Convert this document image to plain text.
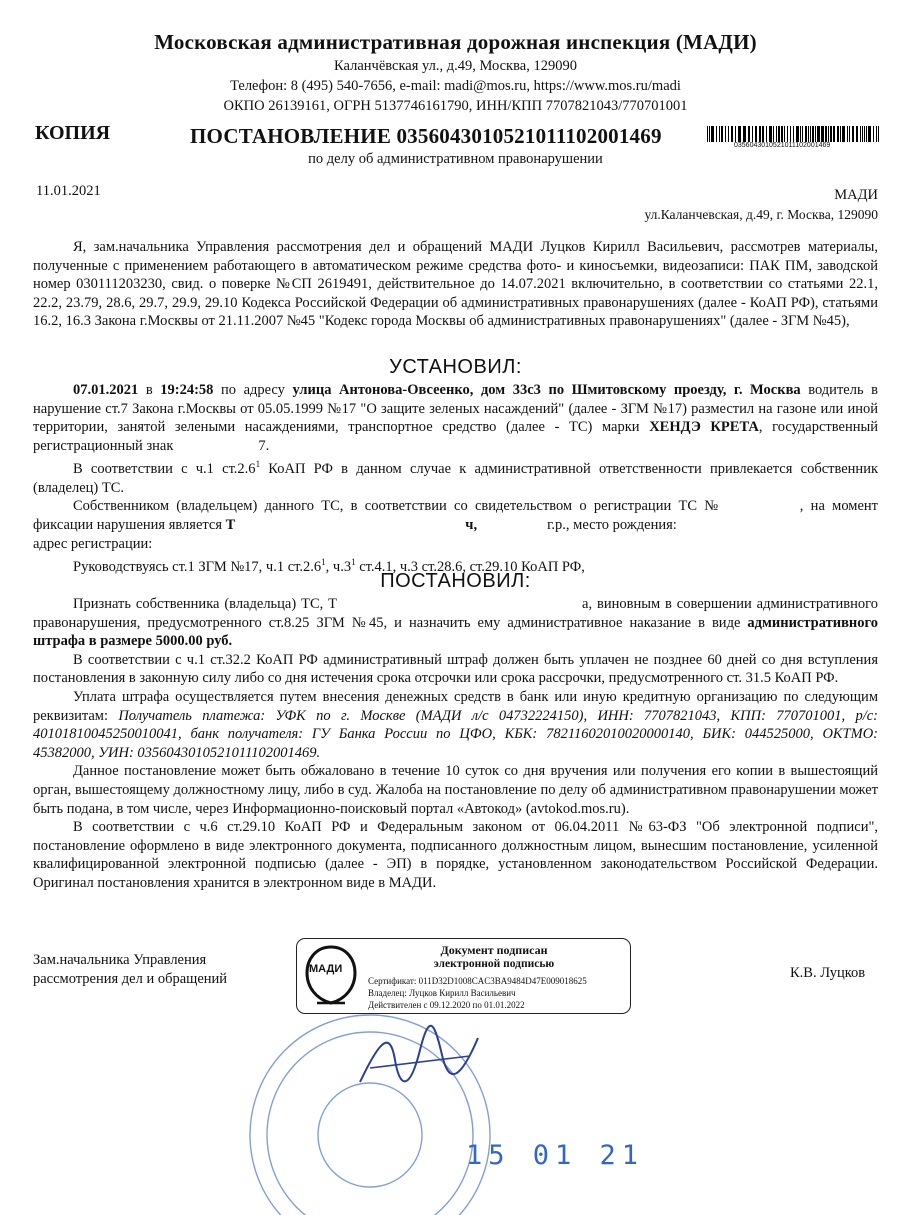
Московская административная дорожная инспекция (МАДИ)
Каланчёвская ул., д.49, Москва, 129090
Телефон: 8 (495) 540-7656, e-mail: madi@mos.ru, https://www.mos.ru/madi
ОКПО 26139161, ОГРН 5137746161790, ИНН/КПП 7707821043/770701001
КОПИЯ	ПОСТАНОВЛЕНИЕ 0356043010521011102001469	0356043010521011102001469
по делу об административном правонарушении
11.01.2021	МАДИ
ул.Каланчевская, д.49, г. Москва, 129090

Я, зам.начальника Управления рассмотрения дел и обращений МАДИ Луцков Кирилл Васильевич, рассмотрев материалы, полученные с применением работающего в автоматическом режиме средства фото- и киносъемки, видеозаписи: ПАК ПМ, заводской номер 030111203230, свид. о поверке №СП 2619491, действительное до 14.07.2021 включительно, в соответствии со статьями 22.1, 22.2, 23.79, 28.6, 29.7, 29.9, 29.10 Кодекса Российской Федерации об административных правонарушениях (далее - КоАП РФ), статьями 16.2, 16.3 Закона г.Москвы от 21.11.2007 №45 "Кодекс города Москвы об административных правонарушениях" (далее - ЗГМ №45),

УСТАНОВИЛ:

07.01.2021 в 19:24:58 по адресу улица Антонова-Овсеенко, дом 33с3 по Шмитовскому проезду, г. Москва водитель в нарушение ст.7 Закона г.Москвы от 05.05.1999 №17 "О защите зеленых насаждений" (далее - ЗГМ №17) разместил на газоне или иной территории, занятой зелеными насаждениями, транспортное средство (далее - ТС) марки ХЕНДЭ КРЕТА, государственный регистрационный знак	7.

В соответствии с ч.1 ст.2.6$^1$ КоАП РФ в данном случае к административной ответственности привлекается собственник (владелец) ТС.

Собственником (владельцем) данного ТС, в соответствии со свидетельством о регистрации ТС №	, на момент фиксации нарушения является Т	ч,	г.р., место рождения:

адрес регистрации:

Руководствуясь ст.1 ЗГМ №17, ч.1 ст.2.6$^1$, $ч.3^1$ ст.4.1, ч.3 ст.28.6, ст.29.10 КоАП РФ,

ПОСТАНОВИЛ:

Признать собственника (владельца) ТС, Т	а, виновным в совершении административного правонарушения, предусмотренного ст.8.25 ЗГМ №45, и назначить ему административное наказание в виде административного штрафа в размере 5000.00 руб.

В соответствии с ч.1 ст.32.2 КоАП РФ административный штраф должен быть уплачен не позднее 60 дней со дня вступления постановления в законную силу либо со дня истечения срока отсрочки или срока рассрочки, предусмотренного ст. 31.5 КоАП РФ.

Уплата штрафа осуществляется путем внесения денежных средств в банк или иную кредитную организацию по следующим реквизитам: Получатель платежа: УФК по г. Москве (МАДИ л/с 04732224150), ИНН: 7707821043, КПП: 770701001, р/с: 40101810045250010041, банк получателя: ГУ Банка России по ЦФО, КБК: 78211602010020000140, БИК: 044525000, ОКТМО: 45382000, УИН: 0356043010521011102001469.

Данное постановление может быть обжаловано в течение 10 суток со дня вручения или получения его копии в вышестоящий орган, вышестоящему должностному лицу, либо в суд. Жалоба на постановление по делу об административном правонарушении может быть подана, в том числе, через Информационно-поисковый портал «Автокод» (avtokod.mos.ru).

В соответствии с ч.6 ст.29.10 КоАП РФ и Федеральным законом от 06.04.2011 №63-ФЗ "Об электронной подписи", постановление оформлено в виде электронного документа, подписанного должностным лицом, вынесшим постановление, усиленной квалифицированной электронной подписью (далее - ЭП) в порядке, установленном законодательством Российской Федерации. Оригинал постановления хранится в электронном виде в МАДИ.

15 01 21
Зам.начальника Управления
рассмотрения дел и обращений
МАДИ
Документ подписан
электронной подписью
Сертификат: 011D32D1008CAC3BA9484D47E009018625
Владелец: Луцков Кирилл Васильевич
Действителен с 09.12.2020 по 01.01.2022
К.В. Луцков
